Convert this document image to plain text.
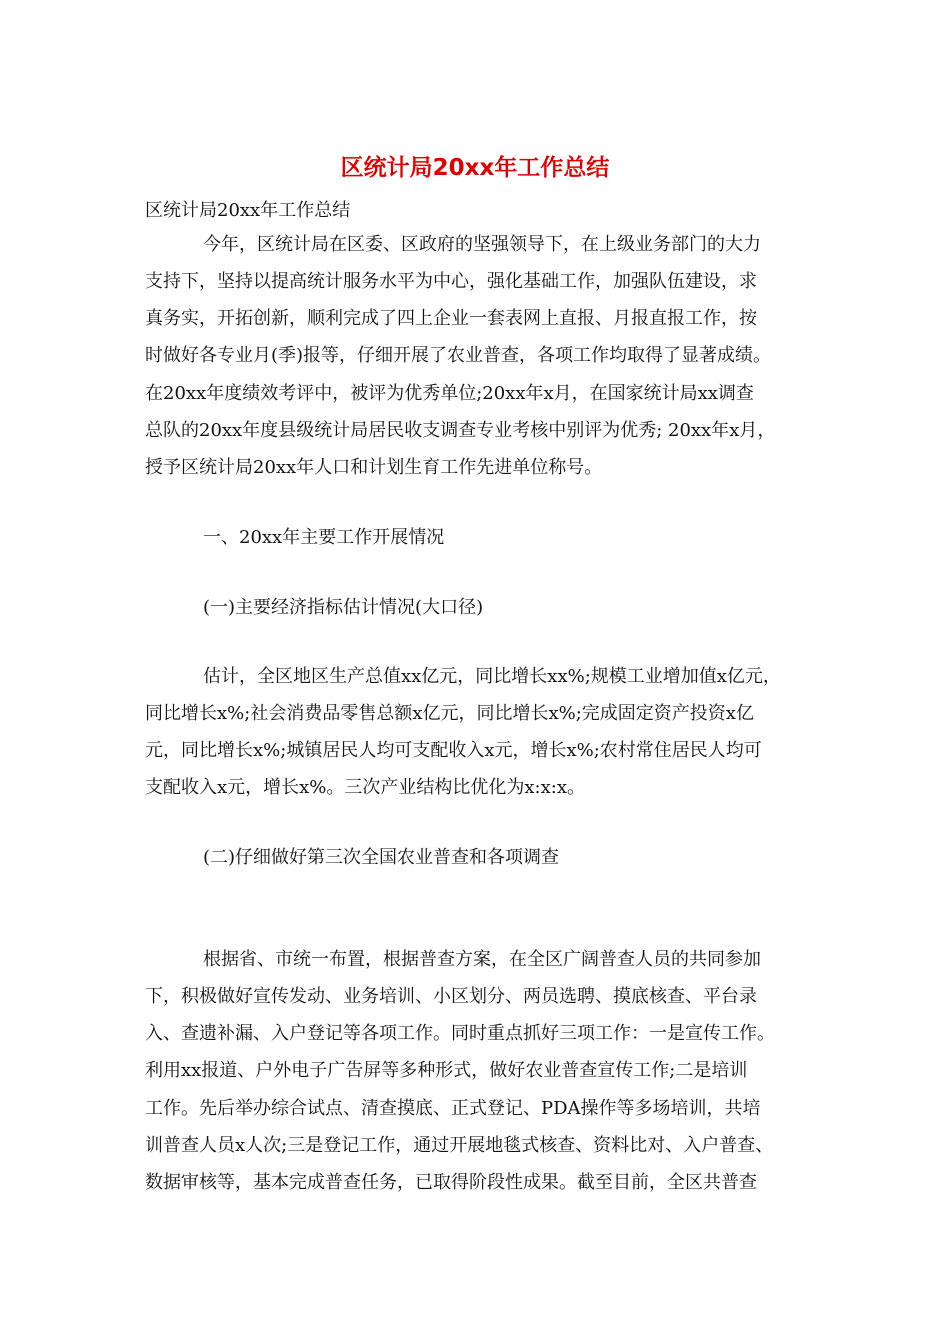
区统计局20xx年工作总结

区统计局20xx年工作总结

今年，区统计局在区委、区政府的坚强领导下，在上级业务部门的大力

支持下，坚持以提高统计服务水平为中心，强化基础工作，加强队伍建设，求

真务实，开拓创新，顺利完成了四上企业一套表网上直报、月报直报工作，按

时做好各专业月(季)报等，仔细开展了农业普查，各项工作均取得了显著成绩。

在20xx年度绩效考评中，被评为优秀单位;20xx年x月，在国家统计局xx调查

总队的20xx年度县级统计局居民收支调查专业考核中别评为优秀; 20xx年x月，

授予区统计局20xx年人口和计划生育工作先进单位称号。

一、20xx年主要工作开展情况

(一)主要经济指标估计情况(大口径)

估计，全区地区生产总值xx亿元，同比增长xx%;规模工业增加值x亿元，

同比增长x%;社会消费品零售总额x亿元，同比增长x%;完成固定资产投资x亿

元，同比增长x%;城镇居民人均可支配收入x元，增长x%;农村常住居民人均可

支配收入x元，增长x%。三次产业结构比优化为x:x:x。

(二)仔细做好第三次全国农业普查和各项调查

根据省、市统一布置，根据普查方案，在全区广阔普查人员的共同参加

下，积极做好宣传发动、业务培训、小区划分、两员选聘、摸底核查、平台录

入、查遗补漏、入户登记等各项工作。同时重点抓好三项工作：一是宣传工作。

利用xx报道、户外电子广告屏等多种形式，做好农业普查宣传工作;二是培训

工作。先后举办综合试点、清查摸底、正式登记、PDA操作等多场培训，共培

训普查人员x人次;三是登记工作，通过开展地毯式核查、资料比对、入户普查、

数据审核等，基本完成普查任务，已取得阶段性成果。截至目前，全区共普查
